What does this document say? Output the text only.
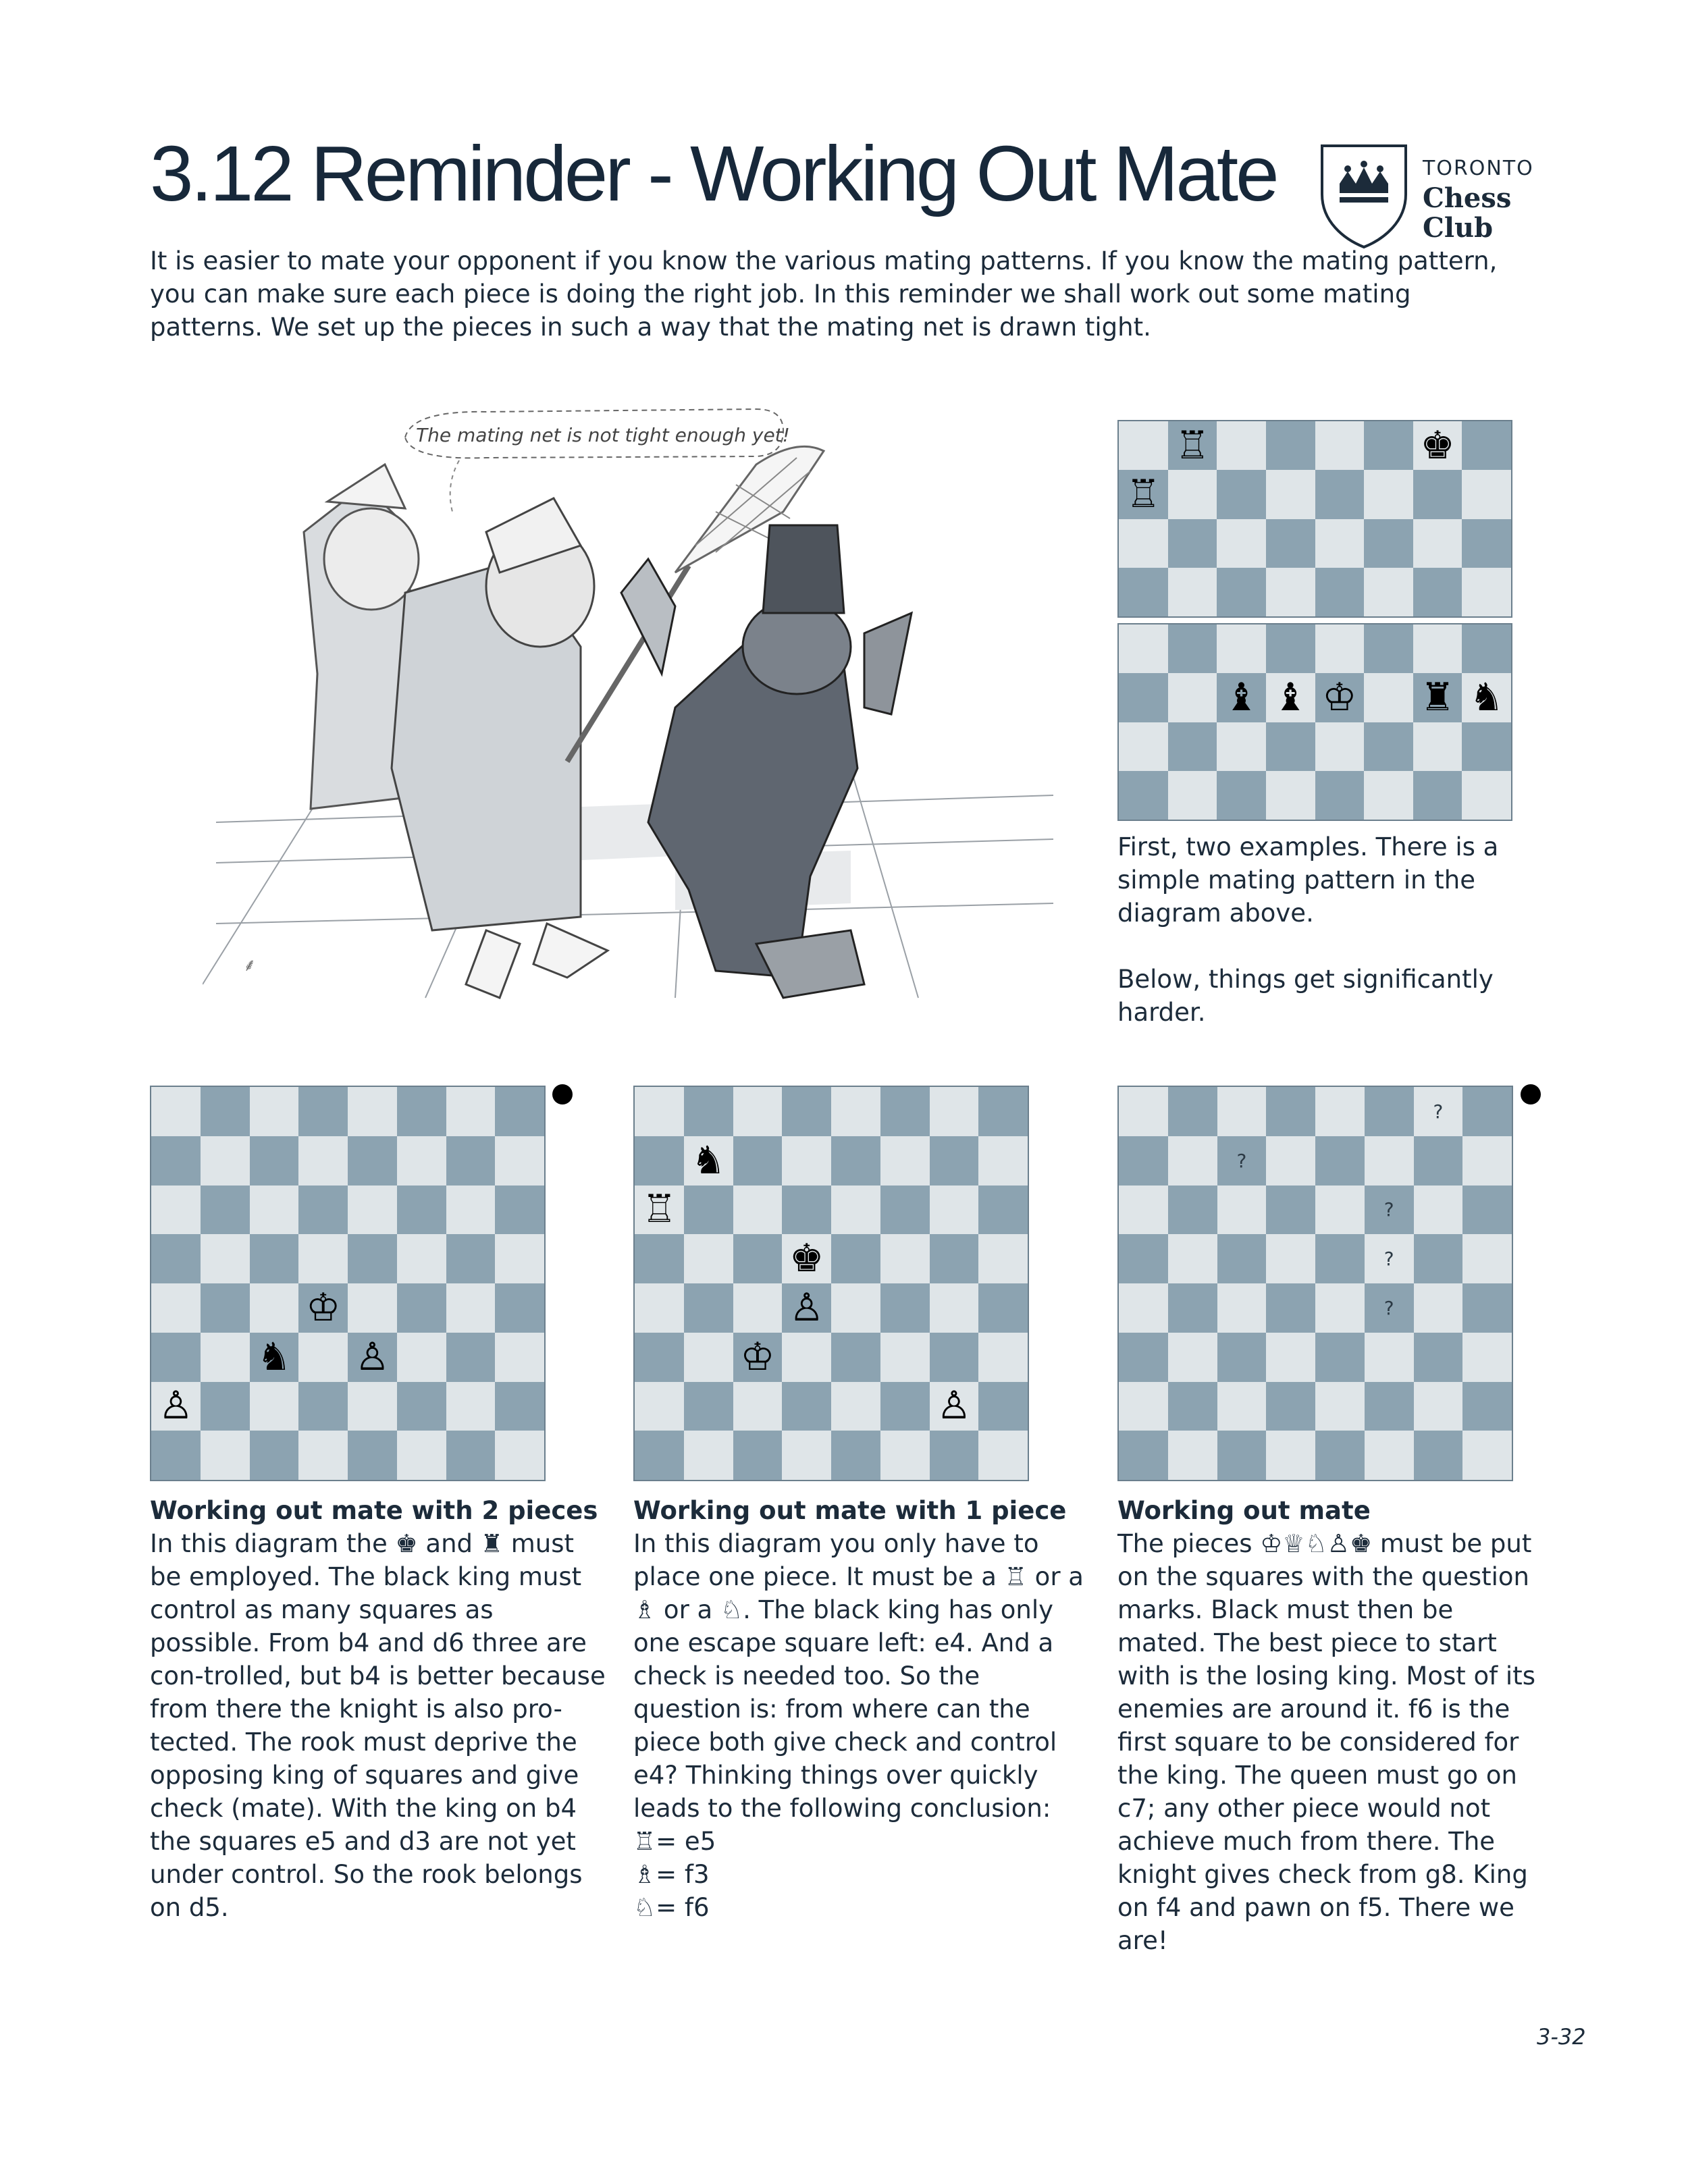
3.12 Reminder - Working Out Mate	TORONTO
Chess
Club

It is easier to mate your opponent if you know the various mating patterns. If you know the mating pattern, you can make sure each piece is doing the right job. In this reminder we shall work out some mating patterns. We set up the pieces in such a way that the mating net is drawn tight.

The mating net is not tight enough yet!
⸙
♖	♚
♖
♝ ♝ ♔ ♜ ♞

First, two examples. There is a simple mating pattern in the diagram above.

Below, things get significantly harder.

♔
♞ ♙
♙
♞
♖
♚
♙
♔
♙
?
?
?
?
?
Working out mate with 2 pieces

In this diagram the ♚ and ♜ must be employed. The black king must control as many squares as possible. From b4 and d6 three are con-trolled, but b4 is better because from there the knight is also pro-tected. The rook must deprive the opposing king of squares and give check (mate). With the king on b4 the squares e5 and d3 are not yet under control. So the rook belongs on d5.

Working out mate with 1 piece

In this diagram you only have to place one piece. It must be a ♖ or a ♗ or a ♘. The black king has only one escape square left: e4. And a check is needed too. So the question is: from where can the piece both give check and control e4? Thinking things over quickly leads to the following conclusion:

♖= e5

♗= f3

♘= f6

Working out mate

The pieces ♔♕♘♙♚ must be put on the squares with the question marks. Black must then be mated. The best piece to start with is the losing king. Most of its enemies are around it. f6 is the first square to be considered for the king. The queen must go on c7; any other piece would not achieve much from there. The knight gives check from g8. King on f4 and pawn on f5. There we are!

3-32
